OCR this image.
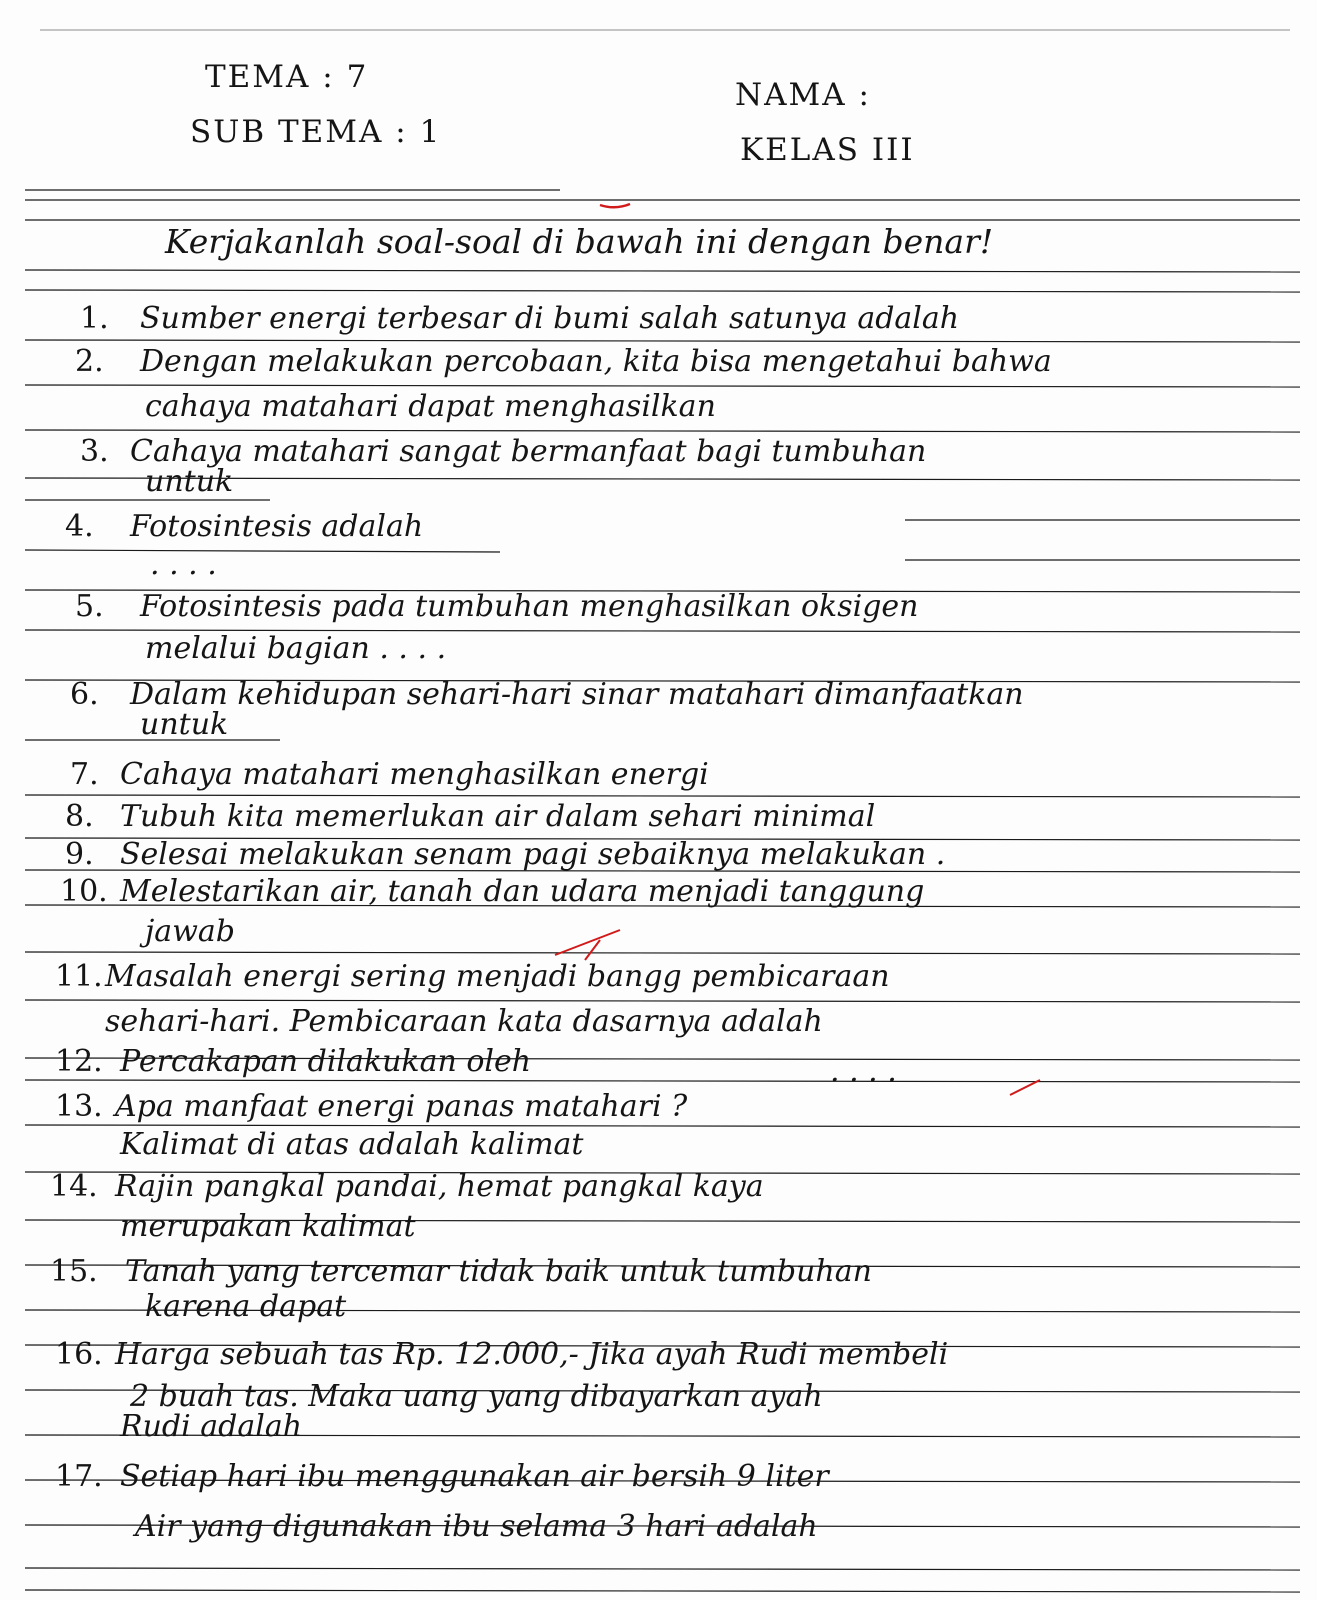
TEMA : 7
SUB TEMA : 1
NAMA :
KELAS III
Kerjakanlah soal-soal di bawah ini dengan benar!
1. Sumber energi terbesar di bumi salah satunya adalah
2. Dengan melakukan percobaan, kita bisa mengetahui bahwa
cahaya matahari dapat menghasilkan
3. Cahaya matahari sangat bermanfaat bagi tumbuhan
untuk
4. Fotosintesis adalah
. . . .
5. Fotosintesis pada tumbuhan menghasilkan oksigen
melalui bagian . . . .
6. Dalam kehidupan sehari-hari sinar matahari dimanfaatkan
untuk
7. Cahaya matahari menghasilkan energi
8. Tubuh kita memerlukan air dalam sehari minimal
9. Selesai melakukan senam pagi sebaiknya melakukan .
10. Melestarikan air, tanah dan udara menjadi tanggung
jawab
11. Masalah energi sering menjadi bangg pembicaraan
sehari-hari. Pembicaraan kata dasarnya adalah
12. Percakapan dilakukan oleh	. . . .
13. Apa manfaat energi panas matahari ?
Kalimat di atas adalah kalimat
14. Rajin pangkal pandai, hemat pangkal kaya
merupakan kalimat
15. Tanah yang tercemar tidak baik untuk tumbuhan
karena dapat
16. Harga sebuah tas Rp. 12.000,- Jika ayah Rudi membeli
2 buah tas. Maka uang yang dibayarkan ayah
Rudi adalah
17. Setiap hari ibu menggunakan air bersih 9 liter
Air yang digunakan ibu selama 3 hari adalah
